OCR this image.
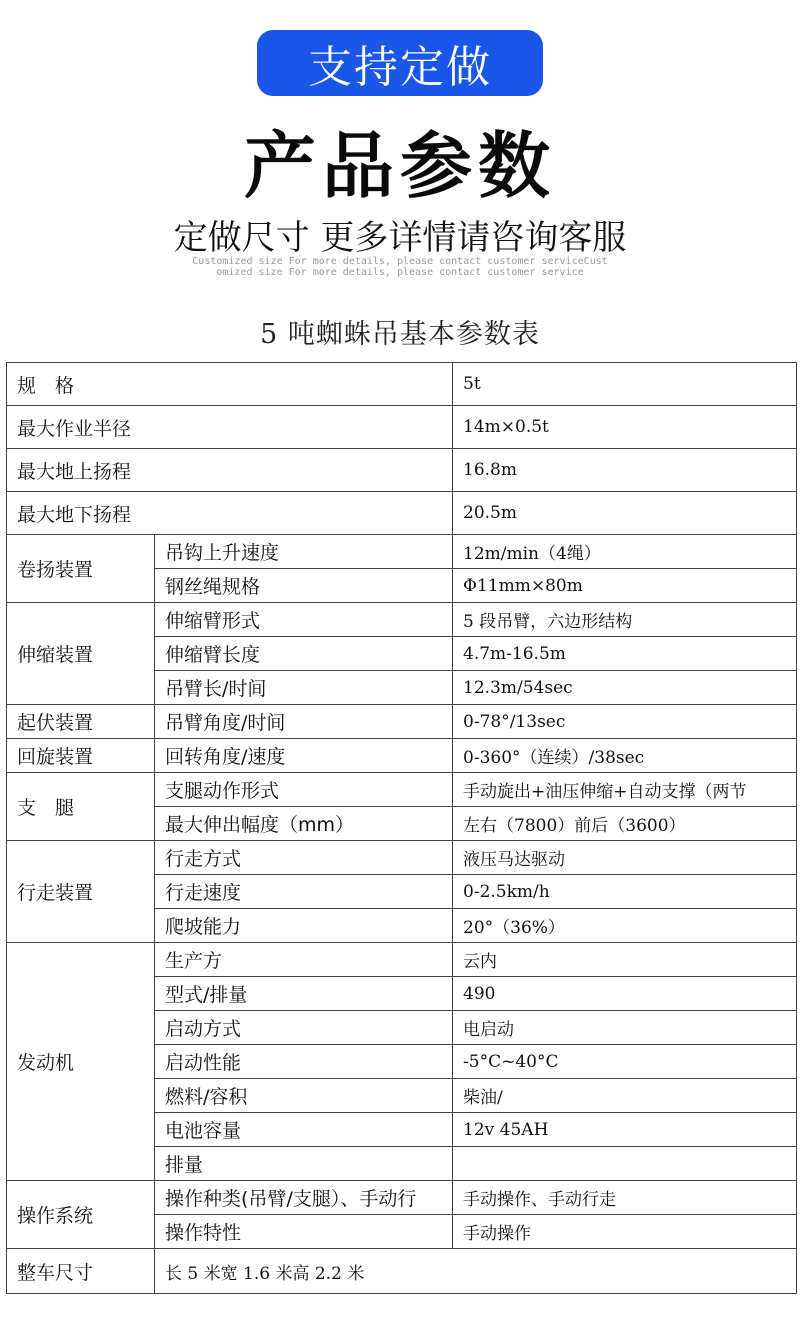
支持定做
产品参数
定做尺寸 更多详情请咨询客服
Customized size For more details, please contact customer serviceCustomized size For more details, please contact customer service
5 吨蜘蛛吊基本参数表
规　格		5t
最大作业半径		14m×0.5t
最大地上扬程		16.8m
最大地下扬程		20.5m
卷扬装置	吊钩上升速度	12m/min（4绳）
	钢丝绳规格	Φ11mm×80m
伸缩装置	伸缩臂形式	5 段吊臂，六边形结构
	伸缩臂长度	4.7m-16.5m
	吊臂长/时间	12.3m/54sec
起伏装置	吊臂角度/时间	0-78°/13sec
回旋装置	回转角度/速度	0-360°（连续）/38sec
支　腿	支腿动作形式	手动旋出+油压伸缩+自动支撑（两节
	最大伸出幅度（mm）	左右（7800）前后（3600）
行走装置	行走方式	液压马达驱动
	行走速度	0-2.5km/h
	爬坡能力	20°（36%）
发动机	生产方	云内
	型式/排量	490
	启动方式	电启动
	启动性能	-5°C~40°C
	燃料/容积	柴油/
	电池容量	12v 45AH
	排量	
操作系统	操作种类(吊臂/支腿）、手动行	手动操作、手动行走
	操作特性	手动操作
整车尺寸	长 5 米宽 1.6 米高 2.2 米	
